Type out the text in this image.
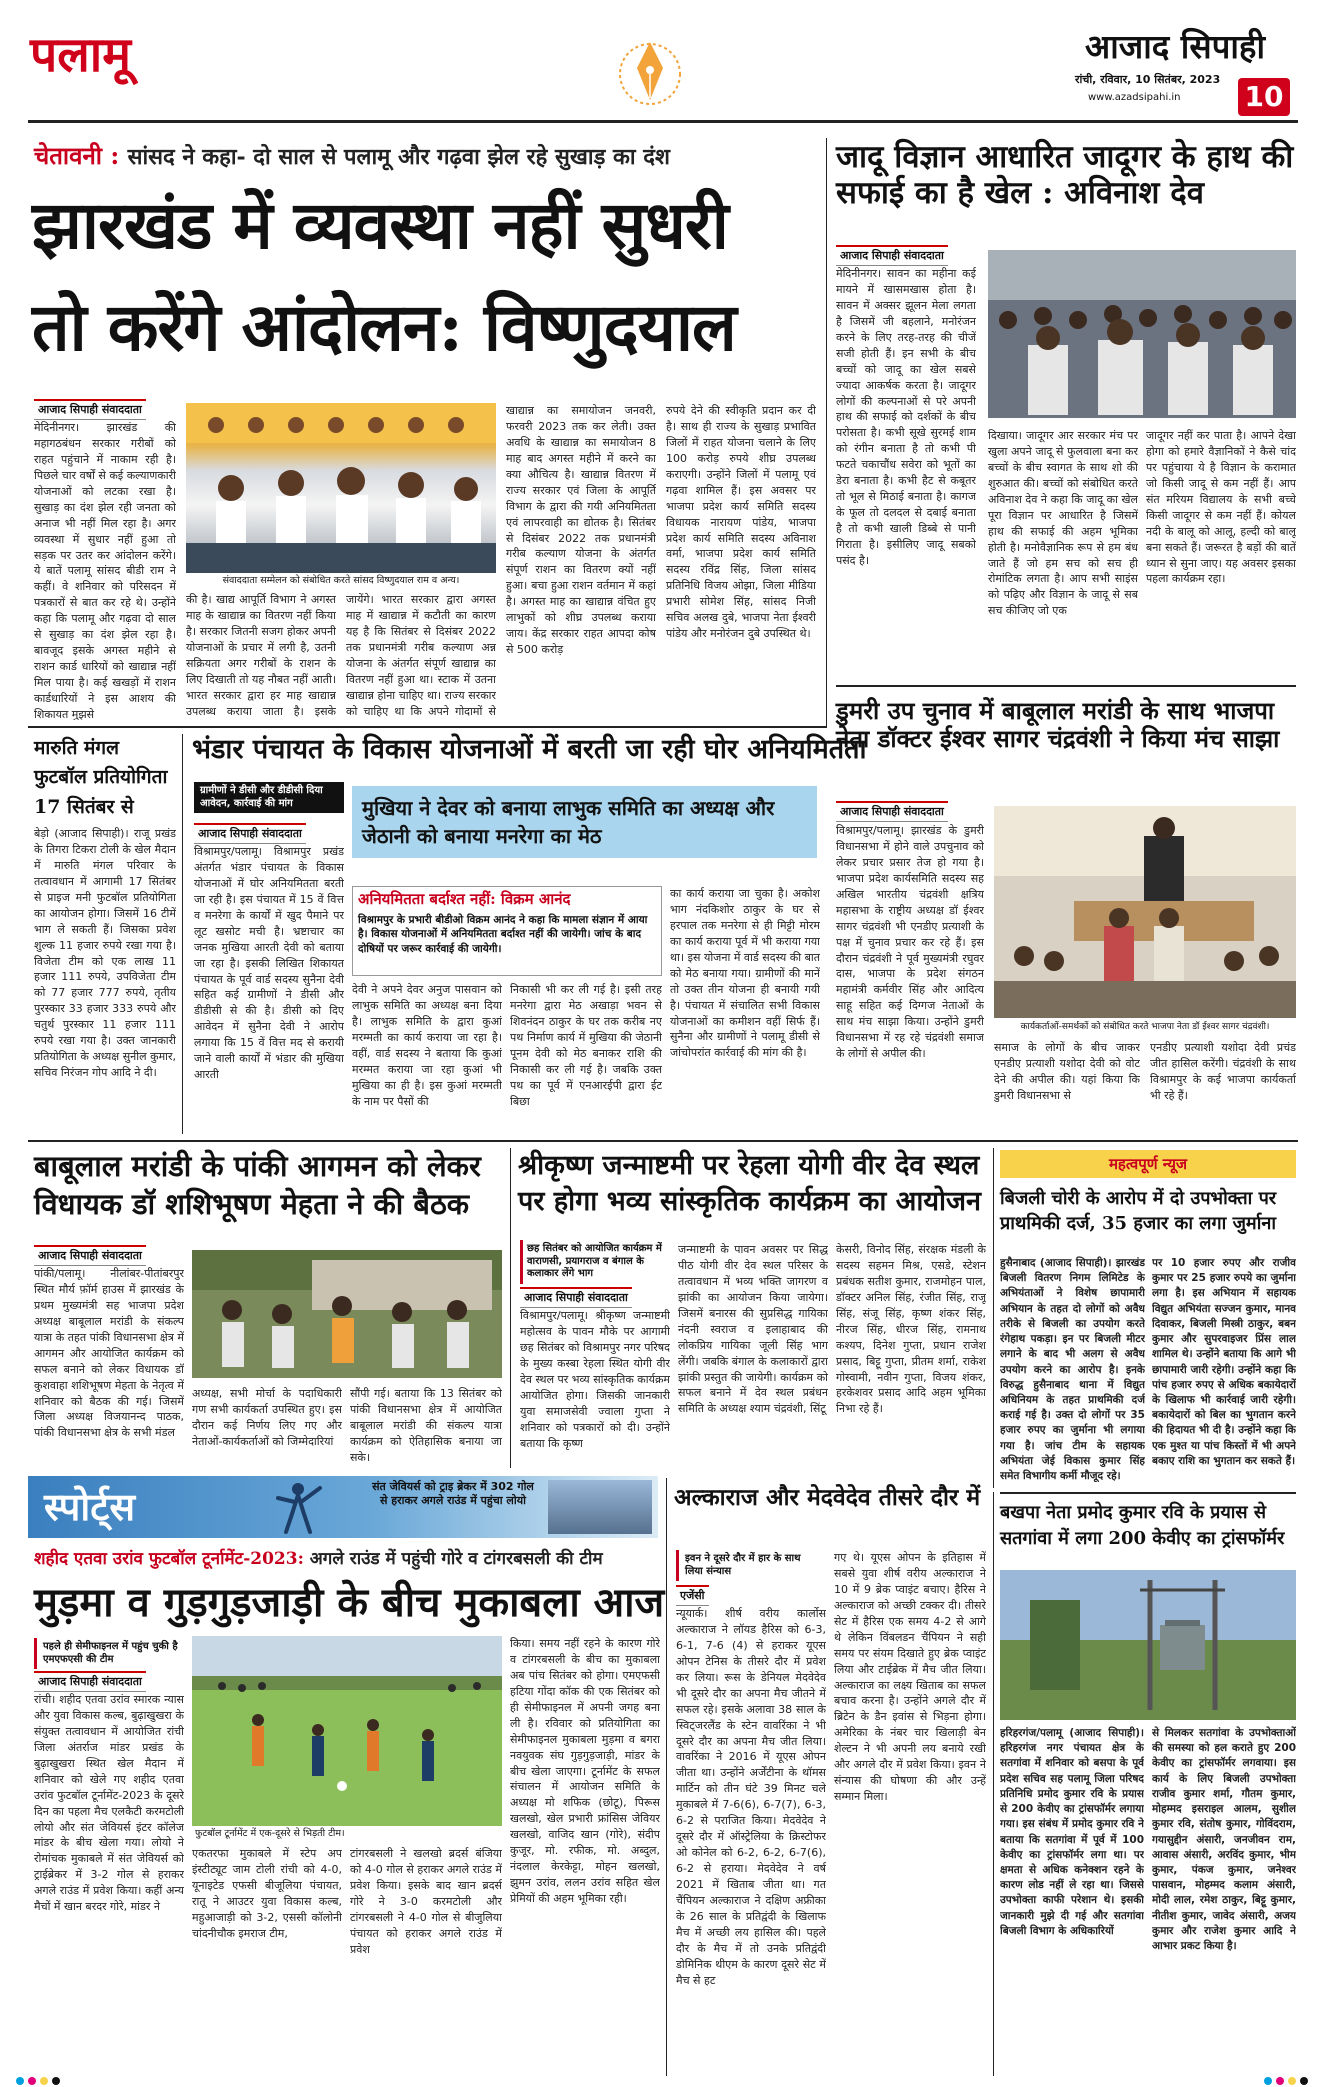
पलामू	आजाद सिपाही
रांची, रविवार, 10 सितंबर, 2023
www.azadsipahi.in 10
चेतावनी : सांसद ने कहा- दो साल से पलामू और गढ़वा झेल रहे सुखाड़ का दंश
झारखंड में व्यवस्था नहीं सुधरी
तो करेंगे आंदोलन: विष्णुदयाल
आजाद सिपाही संवाददाता
मेदिनीनगर। झारखंड की महागठबंधन सरकार गरीबों को राहत पहुंचाने में नाकाम रही है। पिछले चार वर्षों से कई कल्याणकारी योजनाओं को लटका रखा है। सुखाड़ का दंश झेल रही जनता को अनाज भी नहीं मिल रहा है। अगर व्यवस्था में सुधार नहीं हुआ तो सड़क पर उतर कर आंदोलन करेंगे। ये बातें पलामू सांसद बीडी राम ने कहीं। वे शनिवार को परिसदन में पत्रकारों से बात कर रहे थे। उन्होंने कहा कि पलामू और गढ़वा दो साल से सुखाड़ का दंश झेल रहा है। बावजूद इसके अगस्त महीने से राशन कार्ड धारियों को खाद्यान्न नहीं मिल पाया है। कई खखड़ों में राशन कार्डधारियों ने इस आशय की शिकायत मुझसे
संवाददाता सम्मेलन को संबोधित करते सांसद विष्णुदयाल राम व अन्य।
की है। खाद्य आपूर्ति विभाग ने अगस्त माह के खाद्यान्न का वितरण नहीं किया है। सरकार जितनी सजग होकर अपनी योजनाओं के प्रचार में लगी है, उतनी सक्रियता अगर गरीबों के राशन के लिए दिखाती तो यह नौबत नहीं आती। भारत सरकार द्वारा हर माह खाद्यान्न उपलब्ध कराया जाता है। इसके
जायेंगे। भारत सरकार द्वारा अगस्त माह में खाद्यान्न में कटौती का कारण यह है कि सितंबर से दिसंबर 2022 तक प्रधानमंत्री गरीब कल्याण अन्न योजना के अंतर्गत संपूर्ण खाद्यान्न का वितरण नहीं हुआ था। स्टाक में उतना खाद्यान्न होना चाहिए था। राज्य सरकार को चाहिए था कि अपने गोदामों से
खाद्यान्न का समायोजन जनवरी, फरवरी 2023 तक कर लेती। उक्त अवधि के खाद्यान्न का समायोजन 8 माह बाद अगस्त महीने में करने का क्या औचित्य है। खाद्यान्न वितरण में राज्य सरकार एवं जिला के आपूर्ति विभाग के द्वारा की गयी अनियमितता एवं लापरवाही का द्योतक है। सितंबर से दिसंबर 2022 तक प्रधानमंत्री गरीब कल्याण योजना के अंतर्गत संपूर्ण राशन का वितरण क्यों नहीं हुआ। बचा हुआ राशन वर्तमान में कहां है। अगस्त माह का खाद्यान्न वंचित हुए लाभुकों को शीघ्र उपलब्ध कराया जाय। केंद्र सरकार राहत आपदा कोष से 500 करोड़
रुपये देने की स्वीकृति प्रदान कर दी है। साथ ही राज्य के सुखाड़ प्रभावित जिलों में राहत योजना चलाने के लिए 100 करोड़ रुपये शीघ्र उपलब्ध कराएगी। उन्होंने जिलों में पलामू एवं गढ़वा शामिल हैं। इस अवसर पर भाजपा प्रदेश कार्य समिति सदस्य विधायक नारायण पांडेय, भाजपा प्रदेश कार्य समिति सदस्य अविनाश वर्मा, भाजपा प्रदेश कार्य समिति सदस्य रविंद्र सिंह, जिला सांसद प्रतिनिधि विजय ओझा, जिला मीडिया प्रभारी सोमेश सिंह, सांसद निजी सचिव अलख दुबे, भाजपा नेता ईश्वरी पांडेय और मनोरंजन दुबे उपस्थित थे।
जादू विज्ञान आधारित जादूगर के हाथ की सफाई का है खेल : अविनाश देव
आजाद सिपाही संवाददाता
मेदिनीनगर। सावन का महीना कई मायने में खासमखास होता है। सावन में अक्सर झूलन मेला लगता है जिसमें जी बहलाने, मनोरंजन करने के लिए तरह-तरह की चीजें सजी होती हैं। इन सभी के बीच बच्चों को जादू का खेल सबसे ज्यादा आकर्षक करता है। जादूगर लोगों की कल्पनाओं से परे अपनी हाथ की सफाई को दर्शकों के बीच परोसता है। कभी सूखे सुरमई शाम को रंगीन बनाता है तो कभी पी फटते चकाचौंध सवेरा को भूतों का डेरा बनाता है। कभी हैट से कबूतर तो भूल से मिठाई बनाता है। कागज के फूल तो दलदल से दबाई बनाता है तो कभी खाली डिब्बे से पानी गिराता है। इसीलिए जादू सबको पसंद है।
दिखाया। जादूगर आर सरकार मंच पर खुला अपने जादू से फुलवाला बना कर बच्चों के बीच स्वागत के साथ शो की शुरुआत की। बच्चों को संबोधित करते अविनाश देव ने कहा कि जादू का खेल पूरा विज्ञान पर आधारित है जिसमें हाथ की सफाई की अहम भूमिका होती है। मनोवैज्ञानिक रूप से हम बंध जाते हैं जो हम सच को सच ही रोमांटिक लगता है। आप सभी साइंस को पढ़िए और विज्ञान के जादू से सब सच कीजिए जो एक
जादूगर नहीं कर पाता है। आपने देखा होगा को हमारे वैज्ञानिकों ने कैसे चांद पर पहुंचाया ये है विज्ञान के करामात जो किसी जादू से कम नहीं हैं। आप संत मरियम विद्यालय के सभी बच्चे किसी जादूगर से कम नहीं हैं। कोयल नदी के बालू को आलू, हल्दी को बालू बना सकते हैं। जरूरत है बड़ों की बातें ध्यान से सुना जाए। यह अवसर इसका पहला कार्यक्रम रहा।
डुमरी उप चुनाव में बाबूलाल मरांडी के साथ भाजपा नेता डॉक्टर ईश्वर सागर चंद्रवंशी ने किया मंच साझा
आजाद सिपाही संवाददाता
विश्रामपुर/पलामू। झारखंड के डुमरी विधानसभा में होने वाले उपचुनाव को लेकर प्रचार प्रसार तेज हो गया है। भाजपा प्रदेश कार्यसमिति सदस्य सह अखिल भारतीय चंद्रवंशी क्षत्रिय महासभा के राष्ट्रीय अध्यक्ष डॉ ईश्वर सागर चंद्रवंशी भी एनडीए प्रत्याशी के पक्ष में चुनाव प्रचार कर रहे हैं। इस दौरान चंद्रवंशी ने पूर्व मुख्यमंत्री रघुवर दास, भाजपा के प्रदेश संगठन महामंत्री कर्मवीर सिंह और आदित्य साहू सहित कई दिग्गज नेताओं के साथ मंच साझा किया। उन्होंने डुमरी विधानसभा में रह रहे चंद्रवंशी समाज के लोगों से अपील की।
कार्यकर्ताओं-समर्थकों को संबोधित करते भाजपा नेता डॉ ईश्वर सागर चंद्रवंशी।
समाज के लोगों के बीच जाकर एनडीए प्रत्याशी यशोदा देवी को वोट देने की अपील की। यहां किया कि डुमरी विधानसभा से
एनडीए प्रत्याशी यशोदा देवी प्रचंड जीत हासिल करेंगी। चंद्रवंशी के साथ विश्रामपुर के कई भाजपा कार्यकर्ता भी रहे हैं।
मारुति मंगल फुटबॉल प्रतियोगिता 17 सितंबर से
बेड़ो (आजाद सिपाही)। राजू प्रखंड के तिगरा टिकरा टोली के खेल मैदान में मारुति मंगल परिवार के तत्वावधान में आगामी 17 सितंबर से प्राइज मनी फुटबॉल प्रतियोगिता का आयोजन होगा। जिसमें 16 टीमें भाग ले सकती हैं। जिसका प्रवेश शुल्क 11 हजार रुपये रखा गया है। विजेता टीम को एक लाख 11 हजार 111 रुपये, उपविजेता टीम को 77 हजार 777 रुपये, तृतीय पुरस्कार 33 हजार 333 रुपये और चतुर्थ पुरस्कार 11 हजार 111 रुपये रखा गया है। उक्त जानकारी प्रतियोगिता के अध्यक्ष सुनील कुमार, सचिव निरंजन गोप आदि ने दी।
भंडार पंचायत के विकास योजनाओं में बरती जा रही घोर अनियमितता
ग्रामीणों ने डीसी और डीडीसी दिया आवेदन, कार्रवाई की मांग
आजाद सिपाही संवाददाता
मुखिया ने देवर को बनाया लाभुक समिति का अध्यक्ष और जेठानी को बनाया मनरेगा का मेठ
विश्रामपुर/पलामू। विश्रामपुर प्रखंड अंतर्गत भंडार पंचायत के विकास योजनाओं में घोर अनियमितता बरती जा रही है। इस पंचायत में 15 वें वित्त व मनरेगा के कार्यों में खुद पैमाने पर लूट खसोट मची है। भ्रष्टाचार का जनक मुखिया आरती देवी को बताया जा रहा है। इसकी लिखित शिकायत पंचायत के पूर्व वार्ड सदस्य सुनैना देवी सहित कई ग्रामीणों ने डीसी और डीडीसी से की है। डीसी को दिए आवेदन में सुनैना देवी ने आरोप लगाया कि 15 वें वित्त मद से करायी जाने वाली कार्यों में भंडार की मुखिया आरती
अनियमितता बर्दाश्त नहीं: विक्रम आनंद
विश्रामपुर के प्रभारी बीडीओ विक्रम आनंद ने कहा कि मामला संज्ञान में आया है। विकास योजनाओं में अनियमितता बर्दाश्त नहीं की जायेगी। जांच के बाद दोषियों पर जरूर कार्रवाई की जायेगी।
देवी ने अपने देवर अनुज पासवान को लाभुक समिति का अध्यक्ष बना दिया है। लाभुक समिति के द्वारा कुआं मरम्मती का कार्य कराया जा रहा है। वहीं, वार्ड सदस्य ने बताया कि कुआं मरम्मत कराया जा रहा कुआं भी मुखिया का ही है। इस कुआं मरम्मती के नाम पर पैसों की
निकासी भी कर ली गई है। इसी तरह मनरेगा द्वारा मेठ अखाड़ा भवन से शिवनंदन ठाकुर के घर तक करीब नए पथ निर्माण कार्य में मुखिया की जेठानी पूनम देवी को मेठ बनाकर राशि की निकासी कर ली गई है। जबकि उक्त पथ का पूर्व में एनआरईपी द्वारा ईट बिछा
का कार्य कराया जा चुका है। अकोश भाग नंदकिशोर ठाकुर के घर से हरपाल तक मनरेगा से ही मिट्टी मोरम का कार्य कराया पूर्व में भी कराया गया था। इस योजना में वार्ड सदस्य की बात को मेठ बनाया गया। ग्रामीणों की मानें तो उक्त तीन योजना ही बनायी गयी है। पंचायत में संचालित सभी विकास योजनाओं का कमीशन वहीं सिर्फ हैं। सुनैना और ग्रामीणों ने पलामू डीसी से जांचोपरांत कार्रवाई की मांग की है।
बाबूलाल मरांडी के पांकी आगमन को लेकर विधायक डॉ शशिभूषण मेहता ने की बैठक
आजाद सिपाही संवाददाता
पांकी/पलामू। नीलांबर-पीतांबरपुर स्थित मौर्य फ़ॉर्म हाउस में झारखंड के प्रथम मुख्यमंत्री सह भाजपा प्रदेश अध्यक्ष बाबूलाल मरांडी के संकल्प यात्रा के तहत पांकी विधानसभा क्षेत्र में आगमन और आयोजित कार्यक्रम को सफल बनाने को लेकर विधायक डॉ कुशवाहा शशिभूषण मेहता के नेतृत्व में शनिवार को बैठक की गई। जिसमें जिला अध्यक्ष विजयानन्द पाठक, पांकी विधानसभा क्षेत्र के सभी मंडल
अध्यक्ष, सभी मोर्चा के पदाधिकारी गण सभी कार्यकर्ता उपस्थित हुए। इस दौरान कई निर्णय लिए गए और नेताओं-कार्यकर्ताओं को जिम्मेदारियां
सौंपी गई। बताया कि 13 सितंबर को पांकी विधानसभा क्षेत्र में आयोजित बाबूलाल मरांडी की संकल्प यात्रा कार्यक्रम को ऐतिहासिक बनाया जा सके।
श्रीकृष्ण जन्माष्टमी पर रेहला योगी वीर देव स्थल पर होगा भव्य सांस्कृतिक कार्यक्रम का आयोजन
छह सितंबर को आयोजित कार्यक्रम में वाराणसी, प्रयागराज व बंगाल के कलाकार लेंगे भाग
आजाद सिपाही संवाददाता
विश्रामपुर/पलामू। श्रीकृष्ण जन्माष्टमी महोत्सव के पावन मौके पर आगामी छह सितंबर को विश्रामपुर नगर परिषद के मुख्य कस्बा रेहला स्थित योगी वीर देव स्थल पर भव्य सांस्कृतिक कार्यक्रम आयोजित होगा। जिसकी जानकारी युवा समाजसेवी ज्वाला गुप्ता ने शनिवार को पत्रकारों को दी। उन्होंने बताया कि कृष्ण
जन्माष्टमी के पावन अवसर पर सिद्ध पीठ योगी वीर देव स्थल परिसर के तत्वावधान में भव्य भक्ति जागरण व झांकी का आयोजन किया जायेगा। जिसमें बनारस की सुप्रसिद्ध गायिका नंदनी स्वराज व इलाहाबाद की लोकप्रिय गायिका जूली सिंह भाग लेंगी। जबकि बंगाल के कलाकारों द्वारा झांकी प्रस्तुत की जायेगी। कार्यक्रम को सफल बनाने में देव स्थल प्रबंधन समिति के अध्यक्ष श्याम चंद्रवंशी, सिंटू
केसरी, विनोद सिंह, संरक्षक मंडली के सदस्य सहमन मिश्र, एसडे, स्टेशन प्रबंधक सतीश कुमार, राजमोहन पाल, डॉक्टर अनिल सिंह, रंजीत सिंह, राजू सिंह, संजू सिंह, कृष्ण शंकर सिंह, नीरज सिंह, धीरज सिंह, रामनाथ कश्यप, दिनेश गुप्ता, प्रधान राजेश प्रसाद, बिट्टू गुप्ता, प्रीतम शर्मा, राकेश गोस्वामी, नवीन गुप्ता, विजय शंकर, हरकेशवर प्रसाद आदि अहम भूमिका निभा रहे हैं।
महत्वपूर्ण न्यूज
बिजली चोरी के आरोप में दो उपभोक्ता पर प्राथमिकी दर्ज, 35 हजार का लगा जुर्माना
हुसैनाबाद (आजाद सिपाही)। झारखंड बिजली वितरण निगम लिमिटेड के अभियंताओं ने विशेष छापामारी अभियान के तहत दो लोगों को अवैध तरीके से बिजली का उपयोग करते रंगेहाथ पकड़ा। इन पर बिजली मीटर लगाने के बाद भी अलग से अवैध उपयोग करने का आरोप है। इनके विरुद्ध हुसैनाबाद थाना में विद्युत अधिनियम के तहत प्राथमिकी दर्ज कराई गई है। उक्त दो लोगों पर 35 हजार रुपए का जुर्माना भी लगाया गया है। जांच टीम के सहायक अभियंता जेई विकास कुमार सिंह समेत विभागीय कर्मी मौजूद रहे।
पर 10 हजार रुपए और राजीव कुमार पर 25 हजार रुपये का जुर्माना लगा है। इस अभियान में सहायक विद्युत अभियंता सज्जन कुमार, मानव दिवाकर, बिजली मिस्त्री ठाकुर, बबन कुमार और सुपरवाइजर प्रिंस लाल शामिल थे। उन्होंने बताया कि आगे भी छापामारी जारी रहेगी। उन्होंने कहा कि पांच हजार रुपए से अधिक बकायेदारों के खिलाफ भी कार्रवाई जारी रहेगी। बकायेदारों को बिल का भुगतान करने की हिदायत भी दी है। उन्होंने कहा कि एक मुश्त या पांच किस्तों में भी अपने बकाए राशि का भुगतान कर सकते हैं।
स्पोर्ट्स	संत जेवियर्स को ट्राइ ब्रेकर में 302 गोल से हराकर अगले राउंड में पहुंचा लोयो
शहीद एतवा उरांव फुटबॉल टूर्नामेंट-2023: अगले राउंड में पहुंची गोरे व टांगरबसली की टीम
मुड़मा व गुड़गुड़जाड़ी के बीच मुकाबला आज
पहले ही सेमीफाइनल में पहुंच चुकी है एमएफएसी की टीम
आजाद सिपाही संवाददाता
रांची। शहीद एतवा उरांव स्मारक न्यास और युवा विकास कल्ब, बुढ़ाखुखरा के संयुक्त तत्वावधान में आयोजित रांची जिला अंतर्राज मांडर प्रखंड के बुढ़ाखुखरा स्थित खेल मैदान में शनिवार को खेले गए शहीद एतवा उरांव फुटबॉल टूर्नामेंट-2023 के दूसरे दिन का पहला मैच एलकैटी करमटोली लोयो और संत जेवियर्स इंटर कॉलेज मांडर के बीच खेला गया। लोयो ने रोमांचक मुकाबले में संत जेवियर्स को ट्राईब्रेकर में 3-2 गोल से हराकर अगले राउंड में प्रवेश किया। कहीं अन्य मैचों में खान बरदर गोरे, मांडर ने
फुटबॉल टूर्नामेंट में एक-दूसरे से भिड़ती टीम।
एकतरफा मुकाबले में स्टेप अप इंस्टीट्यूट जाम टोली रांची को 4-0, यूनाइटेड एफसी बीजूलिया पंचायत, रातू ने आउटर युवा विकास कल्ब, महुआजाड़ी को 3-2, एससी कॉलोनी चांदनीचौक इमराज टीम,
टांगरबसली ने खलखो ब्रदर्स बंजिया को 4-0 गोल से हराकर अगले राउंड में प्रवेश किया। इसके बाद खान ब्रदर्स गोरे ने 3-0 करमटोली और टांगरबसली ने 4-0 गोल से बीजुलिया पंचायत को हराकर अगले राउंड में प्रवेश
किया। समय नहीं रहने के कारण गोरे व टांगरबसली के बीच का मुकाबला अब पांच सितंबर को होगा। एमएफसी हटिया गोंदा कॉक की एक सितंबर को ही सेमीफाइनल में अपनी जगह बना ली है। रविवार को प्रतियोगिता का सेमीफाइनल मुकाबला मुड़मा व बगरा नवयुवक संघ गुड़गुड़जाड़ी, मांडर के बीच खेला जाएगा। टूर्नामेंट के सफल संचालन में आयोजन समिति के अध्यक्ष मो शफिक (छोटू), पिरूस खलखो, खेल प्रभारी फ्रांसिस जेवियर खलखो, वाजिद खान (गोरे), संदीप कुजूर, मो. रफीक, मो. अब्दुल, नंदलाल केरकेट्टा, मोहन खलखो, झुमन उरांव, ललन उरांव सहित खेल प्रेमियों की अहम भूमिका रही।
अल्काराज और मेदवेदेव तीसरे दौर में
इवन ने दूसरे दौर में हार के साथ लिया संन्यास
एजेंसी
न्यूयार्क। शीर्ष वरीय कार्लोस अल्काराज ने लॉयड हैरिस को 6-3, 6-1, 7-6 (4) से हराकर यूएस ओपन टेनिस के तीसरे दौर में प्रवेश कर लिया। रूस के डेनियल मेदवेदेव भी दूसरे दौर का अपना मैच जीतने में सफल रहे। इसके अलावा 38 साल के स्विट्जरलैंड के स्टेन वावरिंका ने भी दूसरे दौर का अपना मैच जीत लिया। वावरिंका ने 2016 में यूएस ओपन जीता था। उन्होंने अर्जेंटीना के थॉमस मार्टिन को तीन घंटे 39 मिनट चले मुकाबले में 7-6(6), 6-7(7), 6-3, 6-2 से पराजित किया। मेदवेदेव ने दूसरे दौर में ऑस्ट्रेलिया के क्रिस्टोफर ओ कोनेल को 6-2, 6-2, 6-7(6), 6-2 से हराया। मेदवेदेव ने वर्ष 2021 में खिताब जीता था। गत चैंपियन अल्काराज ने दक्षिण अफ्रीका के 26 साल के प्रतिद्वंदी के खिलाफ मैच में अच्छी लय हासिल की। पहले दौर के मैच में तो उनके प्रतिद्वंदी डोमिनिक थीएम के कारण दूसरे सेट में मैच से हट
गए थे। यूएस ओपन के इतिहास में सबसे युवा शीर्ष वरीय अल्काराज ने 10 में 9 ब्रेक प्वाइंट बचाए। हैरिस ने अल्काराज को अच्छी टक्कर दी। तीसरे सेट में हैरिस एक समय 4-2 से आगे थे लेकिन विंबलडन चैंपियन ने सही समय पर संयम दिखाते हुए ब्रेक प्वाइंट लिया और टाईब्रेक में मैच जीत लिया। अल्काराज का लक्ष्य खिताब का सफल बचाव करना है। उन्होंने अगले दौर में ब्रिटेन के डैन इवांस से भिड़ना होगा। अमेरिका के नंबर चार खिलाड़ी बेन शेल्टन ने भी अपनी लय बनाये रखी और अगले दौर में प्रवेश किया। इवन ने संन्यास की घोषणा की और उन्हें सम्मान मिला।
बखपा नेता प्रमोद कुमार रवि के प्रयास से सतगांवा में लगा 200 केवीए का ट्रांसफॉर्मर
हरिहरगंज/पलामू (आजाद सिपाही)। हरिहरगंज नगर पंचायत क्षेत्र के सतगांवा में शनिवार को बसपा के पूर्व प्रदेश सचिव सह पलामू जिला परिषद प्रतिनिधि प्रमोद कुमार रवि के प्रयास से 200 केवीए का ट्रांसफॉर्मर लगाया गया। इस संबंध में प्रमोद कुमार रवि ने बताया कि सतगांवा में पूर्व में 100 केवीए का ट्रांसफॉर्मर लगा था। पर क्षमता से अधिक कनेक्शन रहने के कारण लोड नहीं ले रहा था। जिससे उपभोक्ता काफी परेशान थे। इसकी जानकारी मुझे दी गई और सतगांवा बिजली विभाग के अधिकारियों
से मिलकर सतगांवा के उपभोक्ताओं की समस्या को हल कराते हुए 200 केवीए का ट्रांसफॉर्मर लगवाया। इस कार्य के लिए बिजली उपभोक्ता राजीव कुमार शर्मा, गौतम कुमार, मोहम्मद इसराइल आलम, सुशील कुमार रवि, संतोष कुमार, गोविंदराम, गयासुद्दीन अंसारी, जनजीवन राम, आवास अंसारी, अरविंद कुमार, भीम कुमार, पंकज कुमार, जनेश्वर पासवान, मोहम्मद कलाम अंसारी, मोदी लाल, रमेश ठाकुर, बिट्टू कुमार, नीतीश कुमार, जावेद अंसारी, अजय कुमार और राजेश कुमार आदि ने आभार प्रकट किया है।
